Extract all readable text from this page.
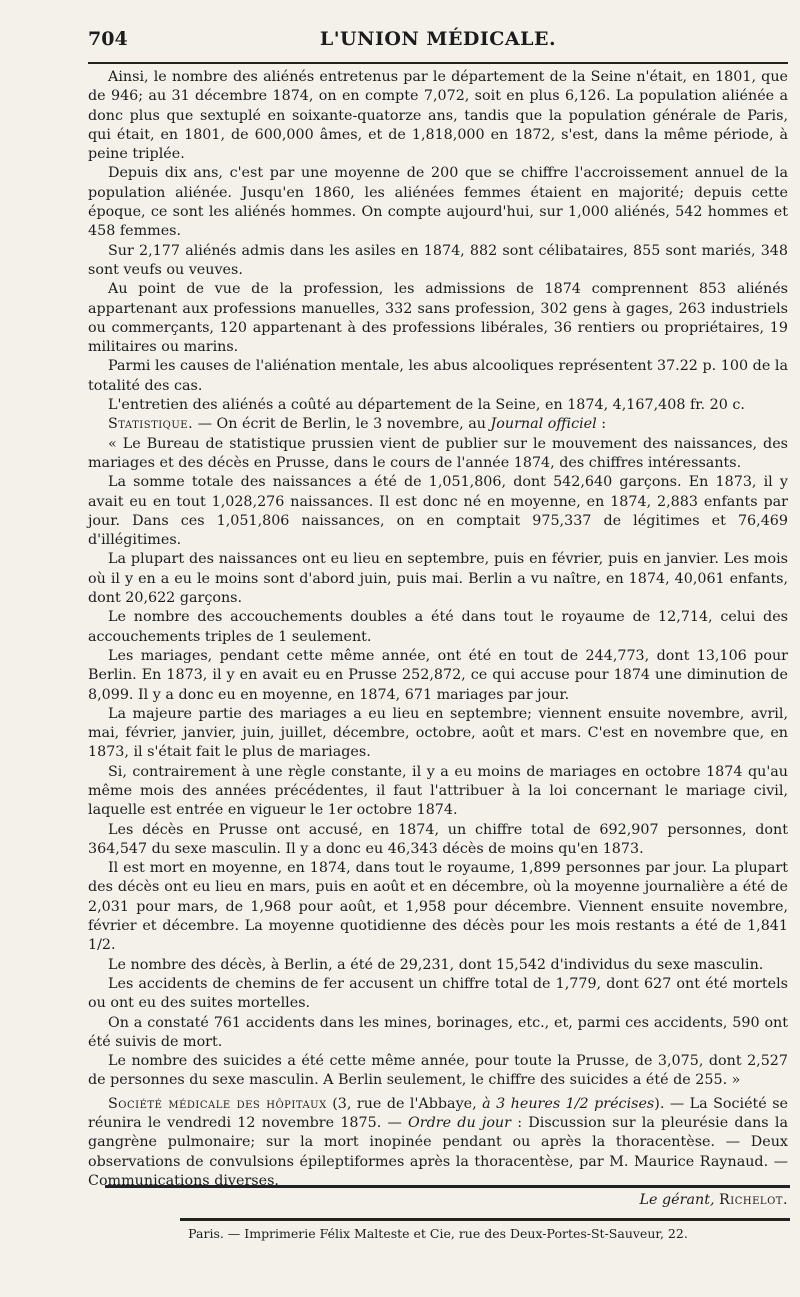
704	L'UNION MÉDICALE.

Ainsi, le nombre des aliénés entretenus par le département de la Seine n'était, en 1801, que de 946; au 31 décembre 1874, on en compte 7,072, soit en plus 6,126. La population aliénée a donc plus que sextuplé en soixante-quatorze ans, tandis que la population générale de Paris, qui était, en 1801, de 600,000 âmes, et de 1,818,000 en 1872, s'est, dans la même période, à peine triplée.

Depuis dix ans, c'est par une moyenne de 200 que se chiffre l'accroissement annuel de la population aliénée. Jusqu'en 1860, les aliénées femmes étaient en majorité; depuis cette époque, ce sont les aliénés hommes. On compte aujourd'hui, sur 1,000 aliénés, 542 hommes et 458 femmes.

Sur 2,177 aliénés admis dans les asiles en 1874, 882 sont célibataires, 855 sont mariés, 348 sont veufs ou veuves.

Au point de vue de la profession, les admissions de 1874 comprennent 853 aliénés appartenant aux professions manuelles, 332 sans profession, 302 gens à gages, 263 industriels ou commerçants, 120 appartenant à des professions libérales, 36 rentiers ou propriétaires, 19 militaires ou marins.

Parmi les causes de l'aliénation mentale, les abus alcooliques représentent 37.22 p. 100 de la totalité des cas.

L'entretien des aliénés a coûté au département de la Seine, en 1874, 4,167,408 fr. 20 c.

Statistique. — On écrit de Berlin, le 3 novembre, au Journal officiel :

« Le Bureau de statistique prussien vient de publier sur le mouvement des naissances, des mariages et des décès en Prusse, dans le cours de l'année 1874, des chiffres intéressants.

La somme totale des naissances a été de 1,051,806, dont 542,640 garçons. En 1873, il y avait eu en tout 1,028,276 naissances. Il est donc né en moyenne, en 1874, 2,883 enfants par jour. Dans ces 1,051,806 naissances, on en comptait 975,337 de légitimes et 76,469 d'illégitimes.

La plupart des naissances ont eu lieu en septembre, puis en février, puis en janvier. Les mois où il y en a eu le moins sont d'abord juin, puis mai. Berlin a vu naître, en 1874, 40,061 enfants, dont 20,622 garçons.

Le nombre des accouchements doubles a été dans tout le royaume de 12,714, celui des accouchements triples de 1 seulement.

Les mariages, pendant cette même année, ont été en tout de 244,773, dont 13,106 pour Berlin. En 1873, il y en avait eu en Prusse 252,872, ce qui accuse pour 1874 une diminution de 8,099. Il y a donc eu en moyenne, en 1874, 671 mariages par jour.

La majeure partie des mariages a eu lieu en septembre; viennent ensuite novembre, avril, mai, février, janvier, juin, juillet, décembre, octobre, août et mars. C'est en novembre que, en 1873, il s'était fait le plus de mariages.

Si, contrairement à une règle constante, il y a eu moins de mariages en octobre 1874 qu'au même mois des années précédentes, il faut l'attribuer à la loi concernant le mariage civil, laquelle est entrée en vigueur le 1er octobre 1874.

Les décès en Prusse ont accusé, en 1874, un chiffre total de 692,907 personnes, dont 364,547 du sexe masculin. Il y a donc eu 46,343 décès de moins qu'en 1873.

Il est mort en moyenne, en 1874, dans tout le royaume, 1,899 personnes par jour. La plupart des décès ont eu lieu en mars, puis en août et en décembre, où la moyenne journalière a été de 2,031 pour mars, de 1,968 pour août, et 1,958 pour décembre. Viennent ensuite novembre, février et décembre. La moyenne quotidienne des décès pour les mois restants a été de 1,841 1/2.

Le nombre des décès, à Berlin, a été de 29,231, dont 15,542 d'individus du sexe masculin.

Les accidents de chemins de fer accusent un chiffre total de 1,779, dont 627 ont été mortels ou ont eu des suites mortelles.

On a constaté 761 accidents dans les mines, borinages, etc., et, parmi ces accidents, 590 ont été suivis de mort.

Le nombre des suicides a été cette même année, pour toute la Prusse, de 3,075, dont 2,527 de personnes du sexe masculin. A Berlin seulement, le chiffre des suicides a été de 255. »

Société médicale des hôpitaux (3, rue de l'Abbaye, à 3 heures 1/2 précises). — La Société se réunira le vendredi 12 novembre 1875. — Ordre du jour : Discussion sur la pleurésie dans la gangrène pulmonaire; sur la mort inopinée pendant ou après la thoracentèse. — Deux observations de convulsions épileptiformes après la thoracentèse, par M. Maurice Raynaud. — Communications diverses.

Le gérant, Richelot.
Paris. — Imprimerie Félix Malteste et Cie, rue des Deux-Portes-St-Sauveur, 22.
